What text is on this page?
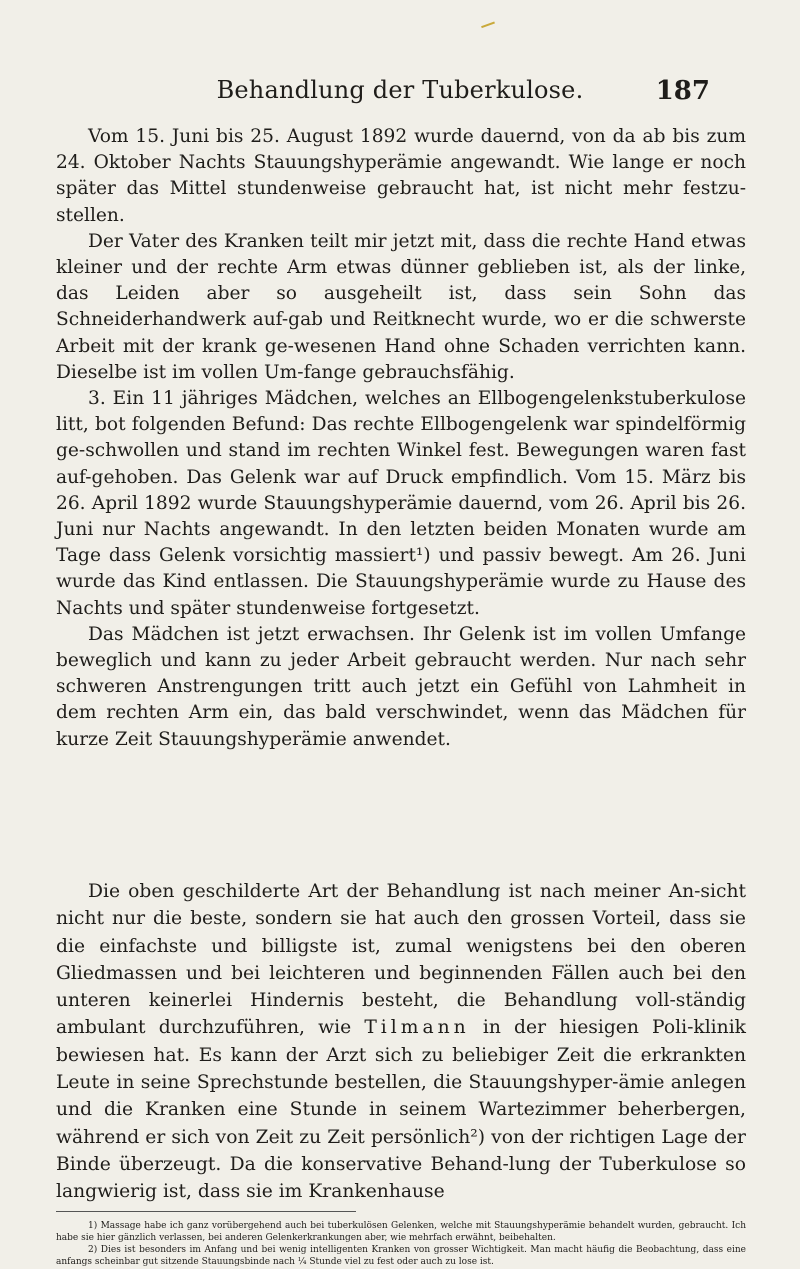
Behandlung der Tuberkulose.	187

Vom 15. Juni bis 25. August 1892 wurde dauernd, von da ab bis zum 24. Oktober Nachts Stauungshyperämie angewandt. Wie lange er noch später das Mittel stundenweise gebraucht hat, ist nicht mehr festzu-stellen.

Der Vater des Kranken teilt mir jetzt mit, dass die rechte Hand etwas kleiner und der rechte Arm etwas dünner geblieben ist, als der linke, das Leiden aber so ausgeheilt ist, dass sein Sohn das Schneiderhandwerk auf-gab und Reitknecht wurde, wo er die schwerste Arbeit mit der krank ge-wesenen Hand ohne Schaden verrichten kann. Dieselbe ist im vollen Um-fange gebrauchsfähig.

3. Ein 11 jähriges Mädchen, welches an Ellbogengelenkstuberkulose litt, bot folgenden Befund: Das rechte Ellbogengelenk war spindelförmig ge-schwollen und stand im rechten Winkel fest. Bewegungen waren fast auf-gehoben. Das Gelenk war auf Druck empfindlich. Vom 15. März bis 26. April 1892 wurde Stauungshyperämie dauernd, vom 26. April bis 26. Juni nur Nachts angewandt. In den letzten beiden Monaten wurde am Tage dass Gelenk vorsichtig massiert¹) und passiv bewegt. Am 26. Juni wurde das Kind entlassen. Die Stauungshyperämie wurde zu Hause des Nachts und später stundenweise fortgesetzt.

Das Mädchen ist jetzt erwachsen. Ihr Gelenk ist im vollen Umfange beweglich und kann zu jeder Arbeit gebraucht werden. Nur nach sehr schweren Anstrengungen tritt auch jetzt ein Gefühl von Lahmheit in dem rechten Arm ein, das bald verschwindet, wenn das Mädchen für kurze Zeit Stauungshyperämie anwendet.

Die oben geschilderte Art der Behandlung ist nach meiner An-sicht nicht nur die beste, sondern sie hat auch den grossen Vorteil, dass sie die einfachste und billigste ist, zumal wenigstens bei den oberen Gliedmassen und bei leichteren und beginnenden Fällen auch bei den unteren keinerlei Hindernis besteht, die Behandlung voll-ständig ambulant durchzuführen, wie Tilmann in der hiesigen Poli-klinik bewiesen hat. Es kann der Arzt sich zu beliebiger Zeit die erkrankten Leute in seine Sprechstunde bestellen, die Stauungshyper-ämie anlegen und die Kranken eine Stunde in seinem Wartezimmer beherbergen, während er sich von Zeit zu Zeit persönlich²) von der richtigen Lage der Binde überzeugt. Da die konservative Behand-lung der Tuberkulose so langwierig ist, dass sie im Krankenhause

1) Massage habe ich ganz vorübergehend auch bei tuberkulösen Gelenken, welche mit Stauungshyperämie behandelt wurden, gebraucht. Ich habe sie hier gänzlich verlassen, bei anderen Gelenkerkrankungen aber, wie mehrfach erwähnt, beibehalten.

2) Dies ist besonders im Anfang und bei wenig intelligenten Kranken von grosser Wichtigkeit. Man macht häufig die Beobachtung, dass eine anfangs scheinbar gut sitzende Stauungsbinde nach ¼ Stunde viel zu fest oder auch zu lose ist.
